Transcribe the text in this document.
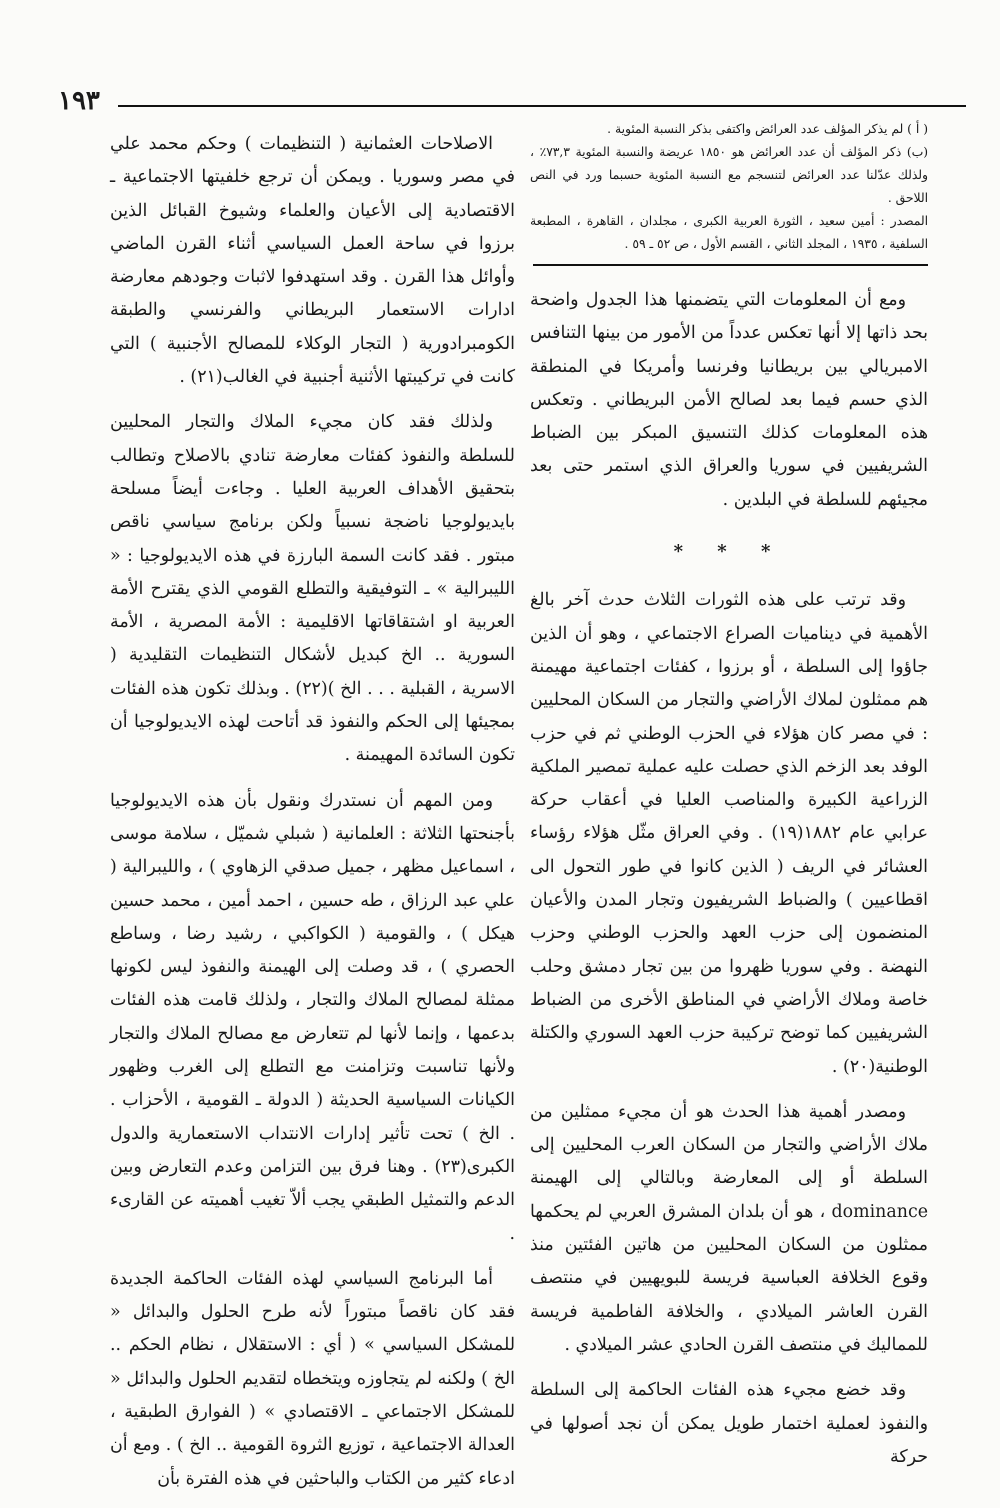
١٩٣
( أ ) لم يذكر المؤلف عدد العرائض واكتفى بذكر النسبة المئوية .
(ب) ذكر المؤلف أن عدد العرائض هو ١٨٥٠ عريضة والنسبة المئوية ٧٣,٣٪ ، ولذلك عدّلنا عدد العرائض لتنسجم مع النسبة المئوية حسبما ورد في النص اللاحق .
المصدر : أمين سعيد ، الثورة العربية الكبرى ، مجلدان ، القاهرة ، المطبعة السلفية ، ١٩٣٥ ، المجلد الثاني ، القسم الأول ، ص ٥٢ ـ ٥٩ .

ومع أن المعلومات التي يتضمنها هذا الجدول واضحة بحد ذاتها إلا أنها تعكس عدداً من الأمور من بينها التنافس الامبريالي بين بريطانيا وفرنسا وأمريكا في المنطقة الذي حسم فيما بعد لصالح الأمن البريطاني . وتعكس هذه المعلومات كذلك التنسيق المبكر بين الضباط الشريفيين في سوريا والعراق الذي استمر حتى بعد مجيئهم للسلطة في البلدين .

* * *

وقد ترتب على هذه الثورات الثلاث حدث آخر بالغ الأهمية في ديناميات الصراع الاجتماعي ، وهو أن الذين جاؤوا إلى السلطة ، أو برزوا ، كفئات اجتماعية مهيمنة هم ممثلون لملاك الأراضي والتجار من السكان المحليين : في مصر كان هؤلاء في الحزب الوطني ثم في حزب الوفد بعد الزخم الذي حصلت عليه عملية تمصير الملكية الزراعية الكبيرة والمناصب العليا في أعقاب حركة عرابي عام ١٨٨٢(١٩) . وفي العراق مثّل هؤلاء رؤساء العشائر في الريف ( الذين كانوا في طور التحول الى اقطاعيين ) والضباط الشريفيون وتجار المدن والأعيان المنضمون إلى حزب العهد والحزب الوطني وحزب النهضة . وفي سوريا ظهروا من بين تجار دمشق وحلب خاصة وملاك الأراضي في المناطق الأخرى من الضباط الشريفيين كما توضح تركيبة حزب العهد السوري والكتلة الوطنية(٢٠) .

ومصدر أهمية هذا الحدث هو أن مجيء ممثلين من ملاك الأراضي والتجار من السكان العرب المحليين إلى السلطة أو إلى المعارضة وبالتالي إلى الهيمنة dominance ، هو أن بلدان المشرق العربي لم يحكمها ممثلون من السكان المحليين من هاتين الفئتين منذ وقوع الخلافة العباسية فريسة للبويهيين في منتصف القرن العاشر الميلادي ، والخلافة الفاطمية فريسة للمماليك في منتصف القرن الحادي عشر الميلادي .

وقد خضع مجيء هذه الفئات الحاكمة إلى السلطة والنفوذ لعملية اختمار طويل يمكن أن نجد أصولها في حركة

الاصلاحات العثمانية ( التنظيمات ) وحكم محمد علي في مصر وسوريا . ويمكن أن ترجع خلفيتها الاجتماعية ـ الاقتصادية إلى الأعيان والعلماء وشيوخ القبائل الذين برزوا في ساحة العمل السياسي أثناء القرن الماضي وأوائل هذا القرن . وقد استهدفوا لاثبات وجودهم معارضة ادارات الاستعمار البريطاني والفرنسي والطبقة الكومبرادورية ( التجار الوكلاء للمصالح الأجنبية ) التي كانت في تركيبتها الأثنية أجنبية في الغالب(٢١) .

ولذلك فقد كان مجيء الملاك والتجار المحليين للسلطة والنفوذ كفئات معارضة تنادي بالاصلاح وتطالب بتحقيق الأهداف العربية العليا . وجاءت أيضاً مسلحة بايديولوجيا ناضجة نسبياً ولكن برنامج سياسي ناقص مبتور . فقد كانت السمة البارزة في هذه الايديولوجيا : « الليبرالية » ـ التوفيقية والتطلع القومي الذي يقترح الأمة العربية او اشتقاقاتها الاقليمية : الأمة المصرية ، الأمة السورية .. الخ كبديل لأشكال التنظيمات التقليدية ( الاسرية ، القبلية . . . الخ )(٢٢) . وبذلك تكون هذه الفئات بمجيئها إلى الحكم والنفوذ قد أتاحت لهذه الايديولوجيا أن تكون السائدة المهيمنة .

ومن المهم أن نستدرك ونقول بأن هذه الايديولوجيا بأجنحتها الثلاثة : العلمانية ( شبلي شميّل ، سلامة موسى ، اسماعيل مظهر ، جميل صدقي الزهاوي ) ، والليبرالية ( علي عبد الرزاق ، طه حسين ، احمد أمين ، محمد حسين هيكل ) ، والقومية ( الكواكبي ، رشيد رضا ، وساطع الحصري ) ، قد وصلت إلى الهيمنة والنفوذ ليس لكونها ممثلة لمصالح الملاك والتجار ، ولذلك قامت هذه الفئات بدعمها ، وإنما لأنها لم تتعارض مع مصالح الملاك والتجار ولأنها تناسبت وتزامنت مع التطلع إلى الغرب وظهور الكيانات السياسية الحديثة ( الدولة ـ القومية ، الأحزاب . . الخ ) تحت تأثير إدارات الانتداب الاستعمارية والدول الكبرى(٢٣) . وهنا فرق بين التزامن وعدم التعارض وبين الدعم والتمثيل الطبقي يجب ألاّ تغيب أهميته عن القارىء .

أما البرنامج السياسي لهذه الفئات الحاكمة الجديدة فقد كان ناقصاً مبتوراً لأنه طرح الحلول والبدائل « للمشكل السياسي » ( أي : الاستقلال ، نظام الحكم .. الخ ) ولكنه لم يتجاوزه ويتخطاه لتقديم الحلول والبدائل « للمشكل الاجتماعي ـ الاقتصادي » ( الفوارق الطبقية ، العدالة الاجتماعية ، توزيع الثروة القومية .. الخ ) . ومع أن ادعاء كثير من الكتاب والباحثين في هذه الفترة بأن
